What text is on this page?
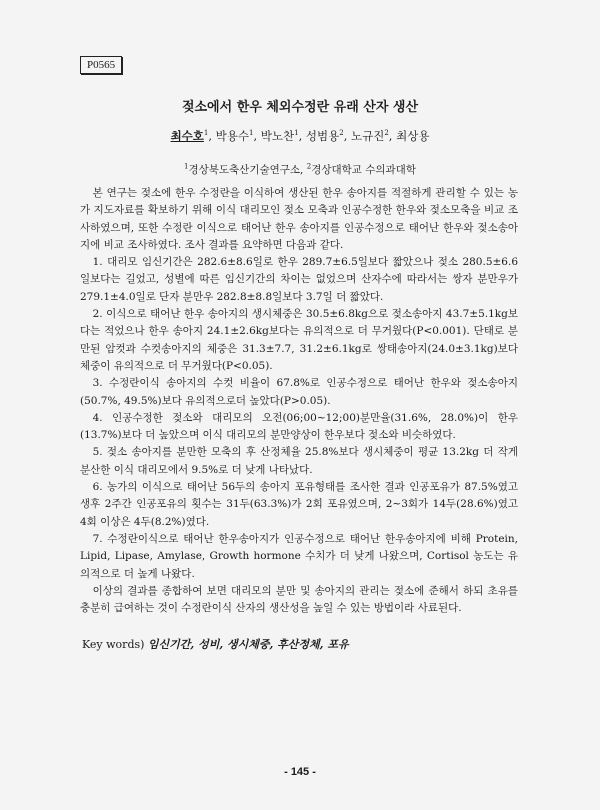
P0565
젖소에서 한우 체외수정란 유래 산자 생산
최수호$^1$, 박용수$^1$, 박노찬$^1$, 성범용$^2$, 노규진$^2$, 최상용
$^1$경상북도축산기술연구소, $^2$경상대학교 수의과대학

본 연구는 젖소에 한우 수정란을 이식하여 생산된 한우 송아지를 적절하게 관리할 수 있는 농가 지도자료를 확보하기 위해 이식 대리모인 젖소 모축과 인공수정한 한우와 젖소모축을 비교 조사하였으며, 또한 수정란 이식으로 태어난 한우 송아지를 인공수정으로 태어난 한우와 젖소송아지에 비교 조사하였다. 조사 결과를 요약하면 다음과 같다.

1. 대리모 임신기간은 282.6±8.6일로 한우 289.7±6.5일보다 짧았으나 젖소 280.5±6.6일보다는 길었고, 성별에 따른 임신기간의 차이는 없었으며 산자수에 따라서는 쌍자 분만우가 279.1±4.0일로 단자 분만우 282.8±8.8일보다 3.7일 더 짧았다.

2. 이식으로 태어난 한우 송아지의 생시체중은 30.5±6.8kg으로 젖소송아지 43.7±5.1kg보다는 적었으나 한우 송아지 24.1±2.6kg보다는 유의적으로 더 무거웠다(P<0.001). 단태로 분만된 암컷과 수컷송아지의 체중은 31.3±7.7, 31.2±6.1kg로 쌍태송아지(24.0±3.1kg)보다 체중이 유의적으로 더 무거웠다(P<0.05).

3. 수정란이식 송아지의 수컷 비율이 67.8%로 인공수정으로 태어난 한우와 젖소송아지(50.7%, 49.5%)보다 유의적으로더 높았다(P>0.05).

4. 인공수정한 젖소와 대리모의 오전(06;00∼12;00)분만율(31.6%, 28.0%)이 한우(13.7%)보다 더 높았으며 이식 대리모의 분만양상이 한우보다 젖소와 비슷하였다.

5. 젖소 송아지를 분만한 모축의 후 산정체율 25.8%보다 생시체중이 평균 13.2kg 더 작게 분산한 이식 대리모에서 9.5%로 더 낮게 나타났다.

6. 농가의 이식으로 태어난 56두의 송아지 포유형태를 조사한 결과 인공포유가 87.5%였고 생후 2주간 인공포유의 횟수는 31두(63.3%)가 2회 포유였으며, 2∼3회가 14두(28.6%)였고 4회 이상은 4두(8.2%)였다.

7. 수정란이식으로 태어난 한우송아지가 인공수정으로 태어난 한우송아지에 비해 Protein, Lipid, Lipase, Amylase, Growth hormone 수치가 더 낮게 나왔으며, Cortisol 농도는 유의적으로 더 높게 나왔다.

이상의 결과를 종합하여 보면 대리모의 분만 및 송아지의 관리는 젖소에 준해서 하되 초유를 충분히 급여하는 것이 수정란이식 산자의 생산성을 높일 수 있는 방법이라 사료된다.

Key words) 임신기간, 성비, 생시체중, 후산정체, 포유
- 145 -
